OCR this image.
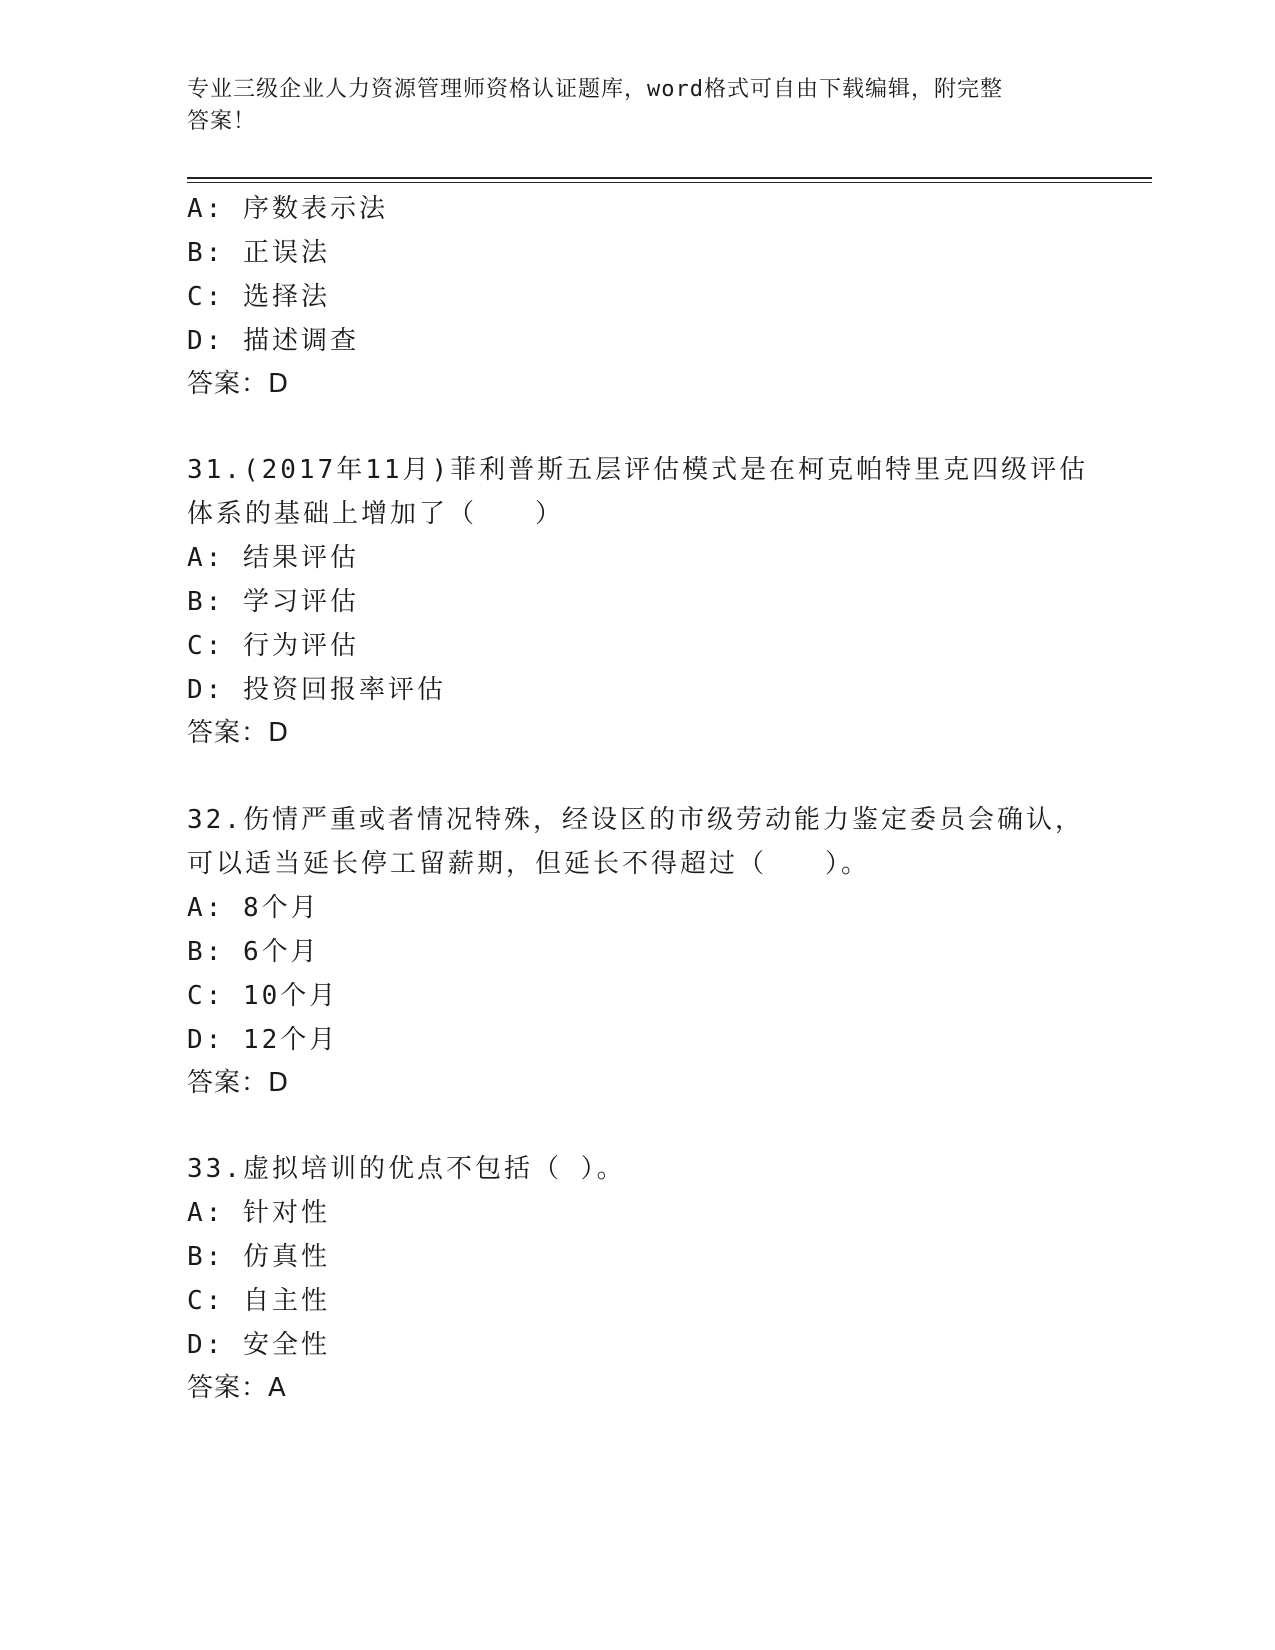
专业三级企业人力资源管理师资格认证题库，word格式可自由下载编辑，附完整
答案！
A: 序数表示法
B: 正误法
C: 选择法
D: 描述调查
答案：D
31.(2017年11月)菲利普斯五层评估模式是在柯克帕特里克四级评估
体系的基础上增加了（　　）
A: 结果评估
B: 学习评估
C: 行为评估
D: 投资回报率评估
答案：D
32.伤情严重或者情况特殊，经设区的市级劳动能力鉴定委员会确认，
可以适当延长停工留薪期，但延长不得超过（　　）。
A: 8个月
B: 6个月
C: 10个月
D: 12个月
答案：D
33.虚拟培训的优点不包括（ ）。
A: 针对性
B: 仿真性
C: 自主性
D: 安全性
答案：A
